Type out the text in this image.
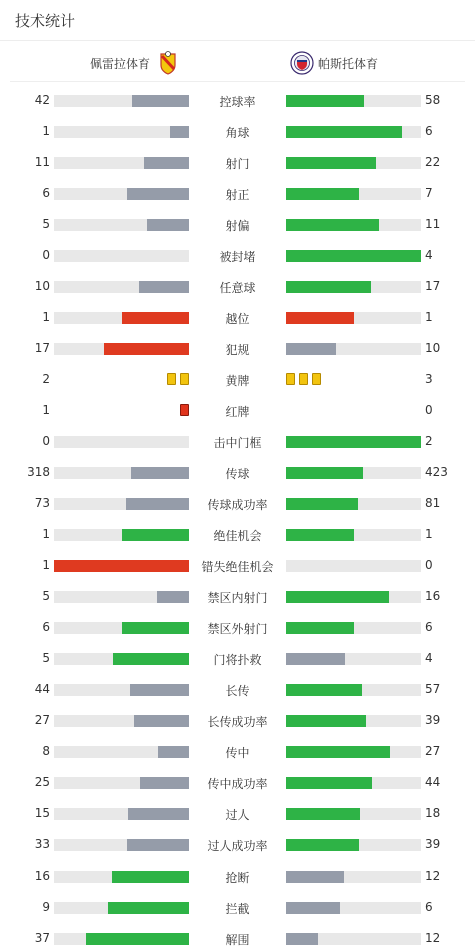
技术统计
佩雷拉体育	帕斯托体育
42	控球率	58
1	角球	6
11	射门	22
6	射正	7
5	射偏	11
0	被封堵	4
10	任意球	17
1	越位	1
17	犯规	10
2	黄牌	3
1	红牌	0
0	击中门框	2
318	传球	423
73	传球成功率	81
1	绝佳机会	1
1	错失绝佳机会	0
5	禁区内射门	16
6	禁区外射门	6
5	门将扑救	4
44	长传	57
27	长传成功率	39
8	传中	27
25	传中成功率	44
15	过人	18
33	过人成功率	39
16	抢断	12
9	拦截	6
37	解围	12
